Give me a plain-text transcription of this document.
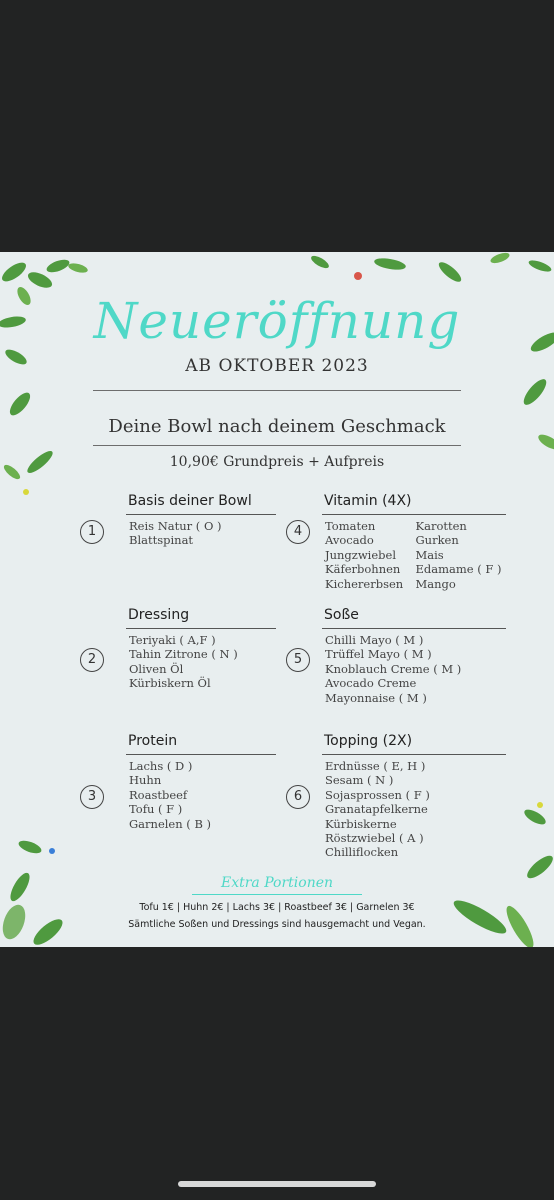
Neueröffnung
AB OKTOBER 2023
Deine Bowl nach deinem Geschmack
10,90€ Grundpreis + Aufpreis
1
Basis deiner Bowl
Reis Natur ( O )
Blattspinat
4
Vitamin (4X)
Tomaten
Avocado
Jungzwiebel
Käferbohnen
Kichererbsen
Karotten
Gurken
Mais
Edamame ( F )
Mango
2
Dressing
Teriyaki ( A,F )
Tahin Zitrone ( N )
Oliven Öl
Kürbiskern Öl
5
Soße
Chilli Mayo ( M )
Trüffel Mayo ( M )
Knoblauch Creme ( M )
Avocado Creme
Mayonnaise ( M )
3
Protein
Lachs ( D )
Huhn
Roastbeef
Tofu ( F )
Garnelen ( B )
6
Topping (2X)
Erdnüsse ( E, H )
Sesam ( N )
Sojasprossen ( F )
Granatapfelkerne
Kürbiskerne
Röstzwiebel ( A )
Chilliflocken
Extra Portionen
Tofu 1€ | Huhn 2€ | Lachs 3€ | Roastbeef 3€ | Garnelen 3€
Sämtliche Soßen und Dressings sind hausgemacht und Vegan.
